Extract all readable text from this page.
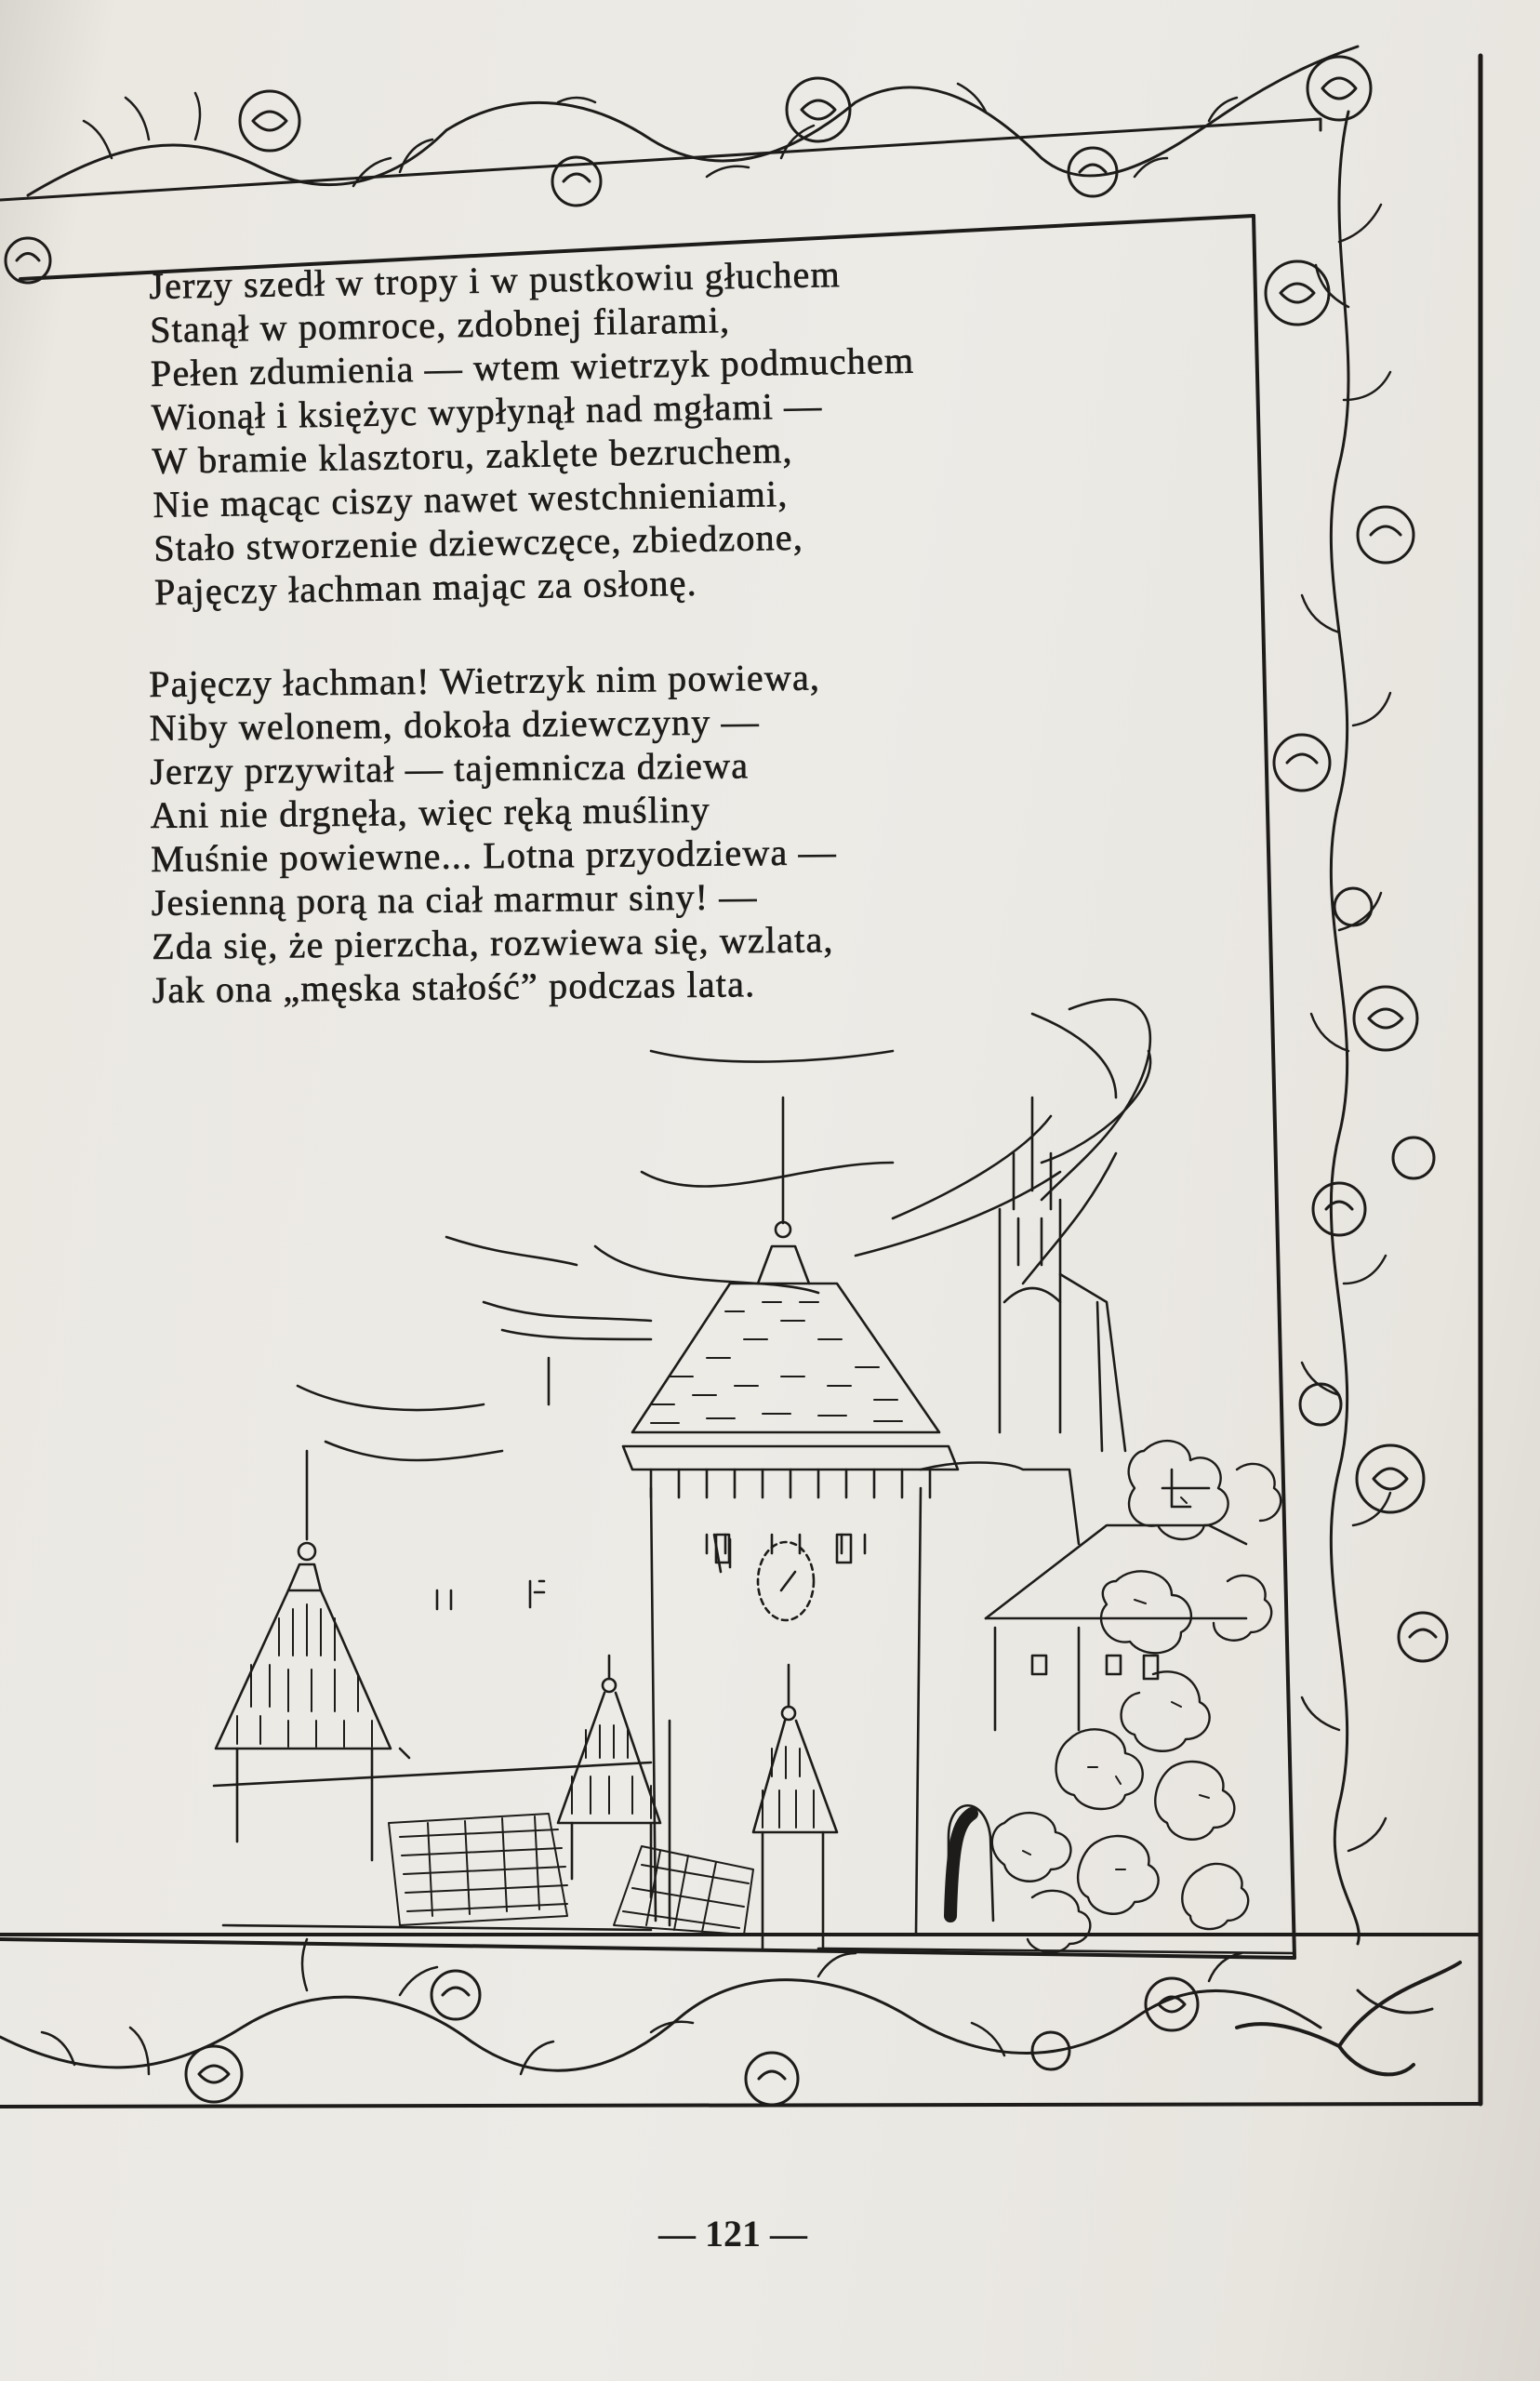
Jerzy szedł w tropy i w pustkowiu głuchem
Stanął w pomroce, zdobnej filarami,
Pełen zdumienia — wtem wietrzyk podmuchem
Wionął i księżyc wypłynął nad mgłami —
W bramie klasztoru, zaklęte bezruchem,
Nie mącąc ciszy nawet westchnieniami,
Stało stworzenie dziewczęce, zbiedzone,
Pajęczy łachman mając za osłonę.
Pajęczy łachman! Wietrzyk nim powiewa,
Niby welonem, dokoła dziewczyny —
Jerzy przywitał — tajemnicza dziewa
Ani nie drgnęła, więc ręką muśliny
Muśnie powiewne... Lotna przyodziewa —
Jesienną porą na ciał marmur siny! —
Zda się, że pierzcha, rozwiewa się, wzlata,
Jak ona „męska stałość” podczas lata.
— 121 —
